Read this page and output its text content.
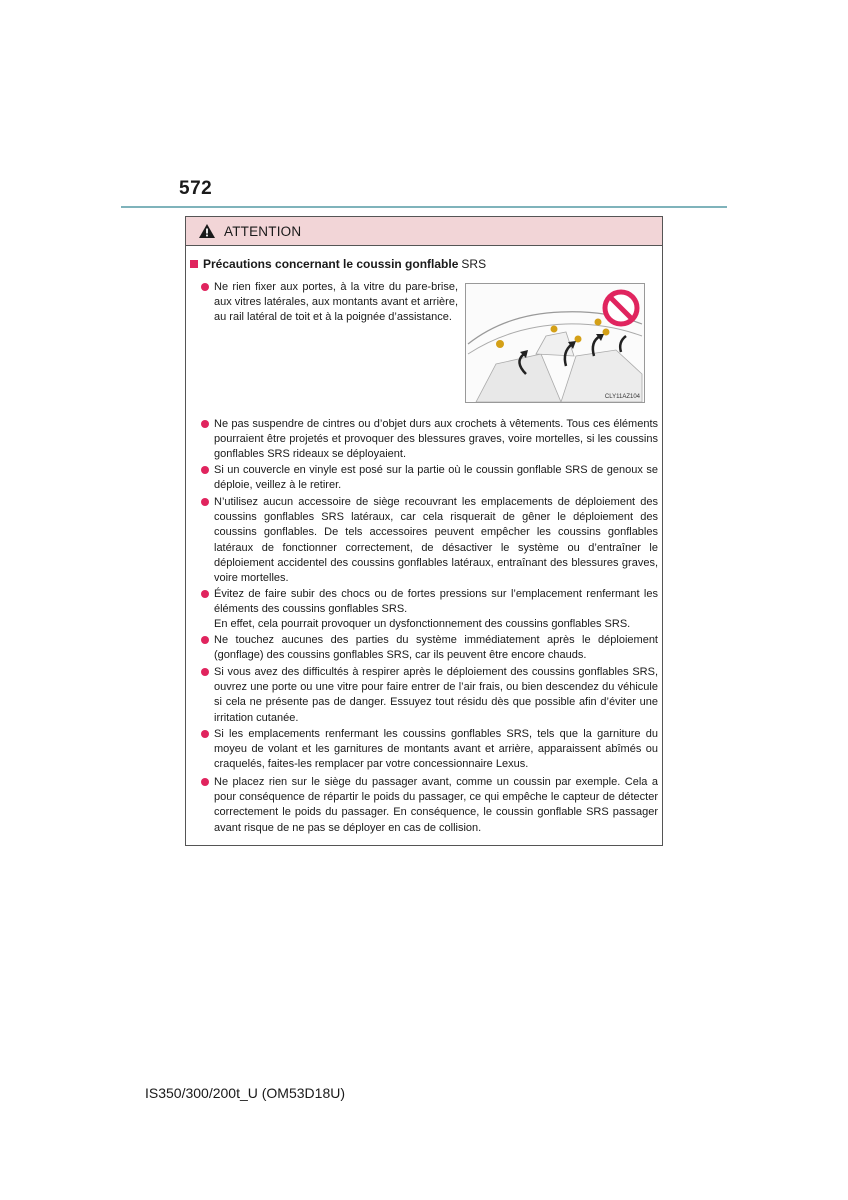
572
ATTENTION
Précautions concernant le coussin gonflable SRS
Ne rien fixer aux portes, à la vitre du pare-brise, aux vitres latérales, aux montants avant et arrière, au rail latéral de toit et à la poignée d’assistance.
CLY11AZ104
Ne pas suspendre de cintres ou d’objet durs aux crochets à vêtements. Tous ces éléments pourraient être projetés et provoquer des blessures graves, voire mortelles, si les coussins gonflables SRS rideaux se déployaient.
Si un couvercle en vinyle est posé sur la partie où le coussin gonflable SRS de genoux se déploie, veillez à le retirer.
N’utilisez aucun accessoire de siège recouvrant les emplacements de déploiement des coussins gonflables SRS latéraux, car cela risquerait de gêner le déploiement des coussins gonflables. De tels accessoires peuvent empêcher les coussins gonflables latéraux de fonctionner correctement, de désactiver le système ou d’entraîner le déploiement accidentel des coussins gonflables latéraux, entraînant des blessures graves, voire mortelles.
Évitez de faire subir des chocs ou de fortes pressions sur l’emplacement renfermant les éléments des coussins gonflables SRS.
En effet, cela pourrait provoquer un dysfonctionnement des coussins gonflables SRS.
Ne touchez aucunes des parties du système immédiatement après le déploiement (gonflage) des coussins gonflables SRS, car ils peuvent être encore chauds.
Si vous avez des difficultés à respirer après le déploiement des coussins gonflables SRS, ouvrez une porte ou une vitre pour faire entrer de l’air frais, ou bien descendez du véhicule si cela ne présente pas de danger. Essuyez tout résidu dès que possible afin d’éviter une irritation cutanée.
Si les emplacements renfermant les coussins gonflables SRS, tels que la garniture du moyeu de volant et les garnitures de montants avant et arrière, apparaissent abîmés ou craquelés, faites-les remplacer par votre concessionnaire Lexus.
Ne placez rien sur le siège du passager avant, comme un coussin par exemple. Cela a pour conséquence de répartir le poids du passager, ce qui empêche le capteur de détecter correctement le poids du passager. En conséquence, le coussin gonflable SRS passager avant risque de ne pas se déployer en cas de collision.
IS350/300/200t_U (OM53D18U)
